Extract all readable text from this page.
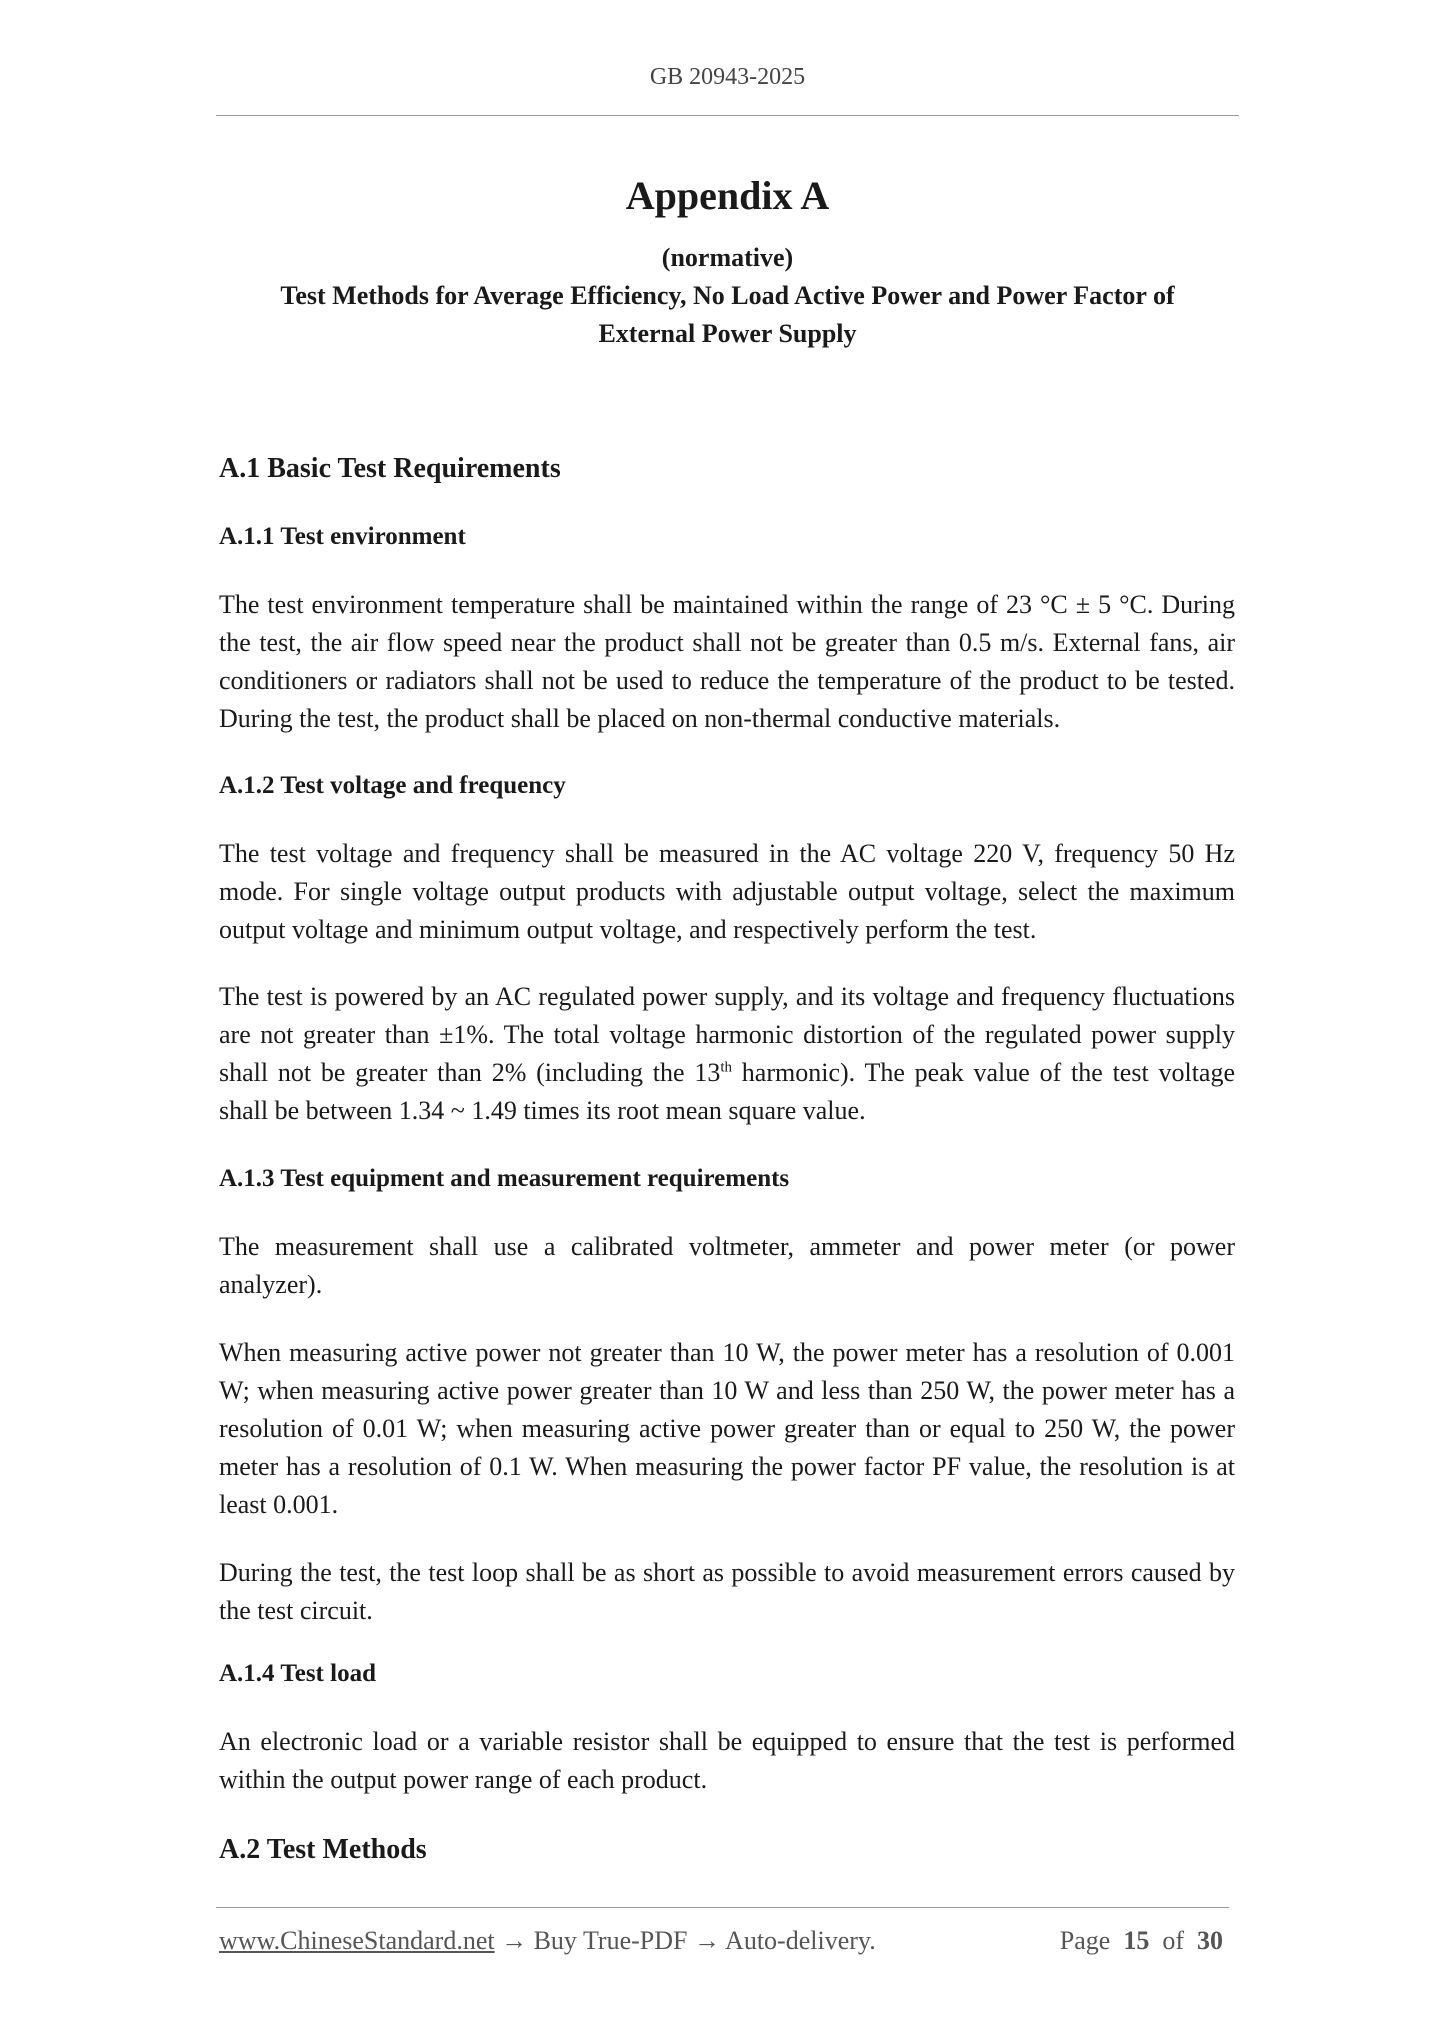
GB 20943-2025
Appendix A
(normative)
Test Methods for Average Efficiency, No Load Active Power and Power Factor of
External Power Supply
A.1 Basic Test Requirements
A.1.1 Test environment
The test environment temperature shall be maintained within the range of 23 °C ± 5 °C. During the test, the air flow speed near the product shall not be greater than 0.5 m/s. External fans, air conditioners or radiators shall not be used to reduce the temperature of the product to be tested. During the test, the product shall be placed on non-thermal conductive materials.
A.1.2 Test voltage and frequency
The test voltage and frequency shall be measured in the AC voltage 220 V, frequency 50 Hz mode. For single voltage output products with adjustable output voltage, select the maximum output voltage and minimum output voltage, and respectively perform the test.
The test is powered by an AC regulated power supply, and its voltage and frequency fluctuations are not greater than ±1%. The total voltage harmonic distortion of the regulated power supply shall not be greater than 2% (including the 13th harmonic). The peak value of the test voltage shall be between 1.34 ~ 1.49 times its root mean square value.
A.1.3 Test equipment and measurement requirements
The measurement shall use a calibrated voltmeter, ammeter and power meter (or power analyzer).
When measuring active power not greater than 10 W, the power meter has a resolution of 0.001 W; when measuring active power greater than 10 W and less than 250 W, the power meter has a resolution of 0.01 W; when measuring active power greater than or equal to 250 W, the power meter has a resolution of 0.1 W. When measuring the power factor PF value, the resolution is at least 0.001.
During the test, the test loop shall be as short as possible to avoid measurement errors caused by the test circuit.
A.1.4 Test load
An electronic load or a variable resistor shall be equipped to ensure that the test is performed within the output power range of each product.
A.2 Test Methods
www.ChineseStandard.net → Buy True-PDF → Auto-delivery.	Page 15 of 30
